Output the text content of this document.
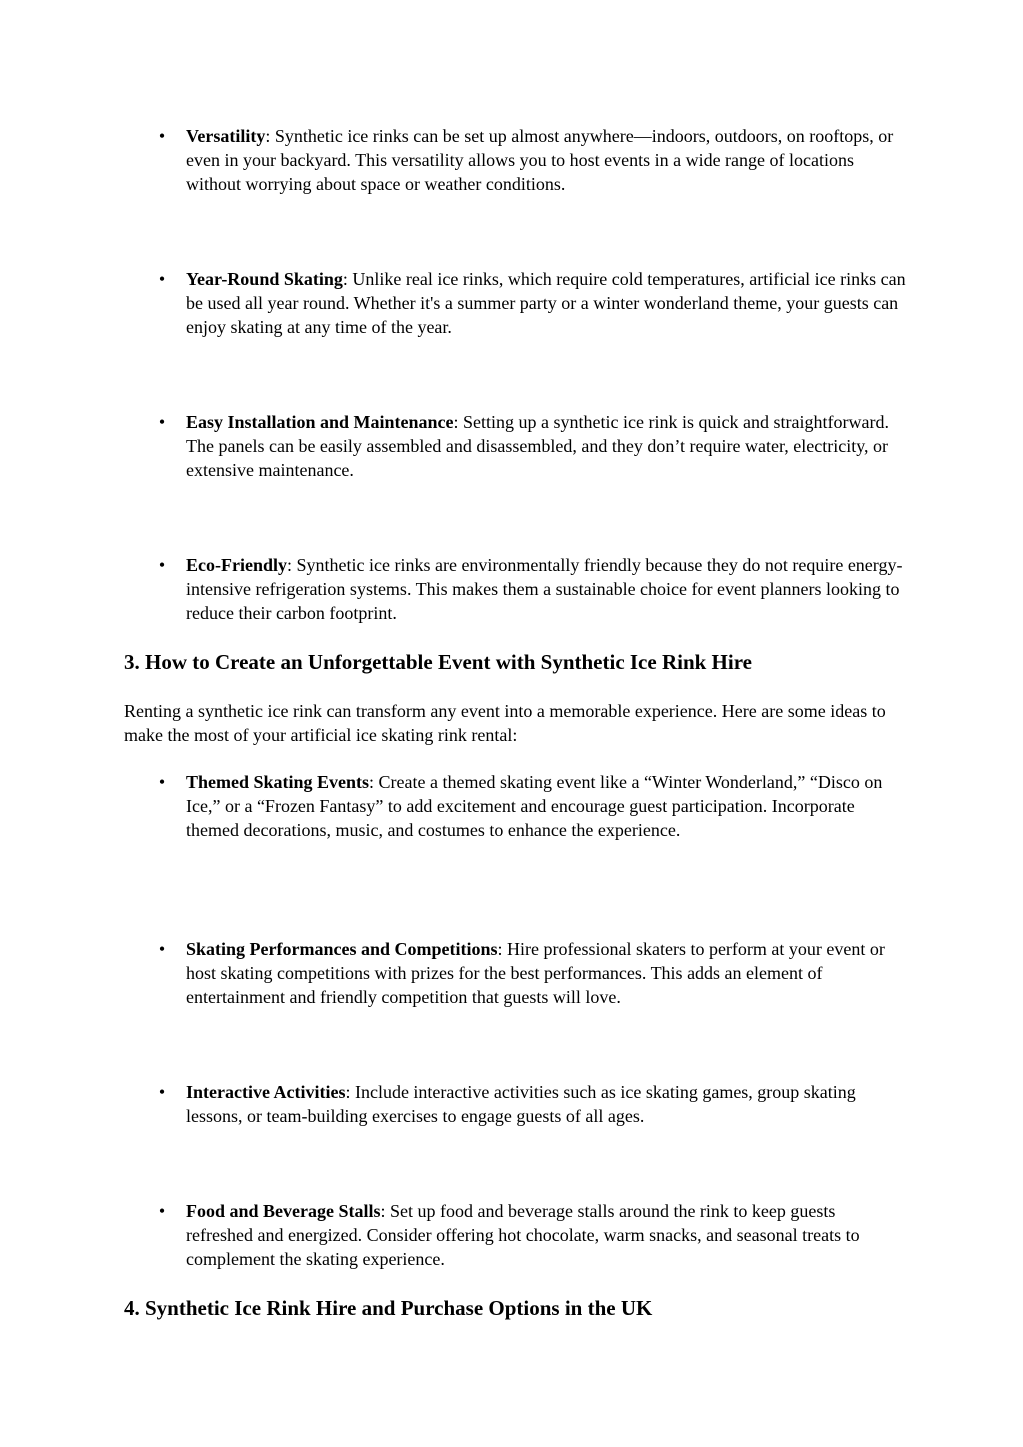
• Versatility: Synthetic ice rinks can be set up almost anywhere—indoors, outdoors, on rooftops, or even in your backyard. This versatility allows you to host events in a wide range of locations without worrying about space or weather conditions.
• Year-Round Skating: Unlike real ice rinks, which require cold temperatures, artificial ice rinks can be used all year round. Whether it's a summer party or a winter wonderland theme, your guests can enjoy skating at any time of the year.
• Easy Installation and Maintenance: Setting up a synthetic ice rink is quick and straightforward. The panels can be easily assembled and disassembled, and they don’t require water, electricity, or extensive maintenance.
• Eco-Friendly: Synthetic ice rinks are environmentally friendly because they do not require energy-intensive refrigeration systems. This makes them a sustainable choice for event planners looking to reduce their carbon footprint.
3. How to Create an Unforgettable Event with Synthetic Ice Rink Hire

Renting a synthetic ice rink can transform any event into a memorable experience. Here are some ideas to make the most of your artificial ice skating rink rental:

• Themed Skating Events: Create a themed skating event like a “Winter Wonderland,” “Disco on Ice,” or a “Frozen Fantasy” to add excitement and encourage guest participation. Incorporate themed decorations, music, and costumes to enhance the experience.
• Skating Performances and Competitions: Hire professional skaters to perform at your event or host skating competitions with prizes for the best performances. This adds an element of entertainment and friendly competition that guests will love.
• Interactive Activities: Include interactive activities such as ice skating games, group skating lessons, or team-building exercises to engage guests of all ages.
• Food and Beverage Stalls: Set up food and beverage stalls around the rink to keep guests refreshed and energized. Consider offering hot chocolate, warm snacks, and seasonal treats to complement the skating experience.
4. Synthetic Ice Rink Hire and Purchase Options in the UK
